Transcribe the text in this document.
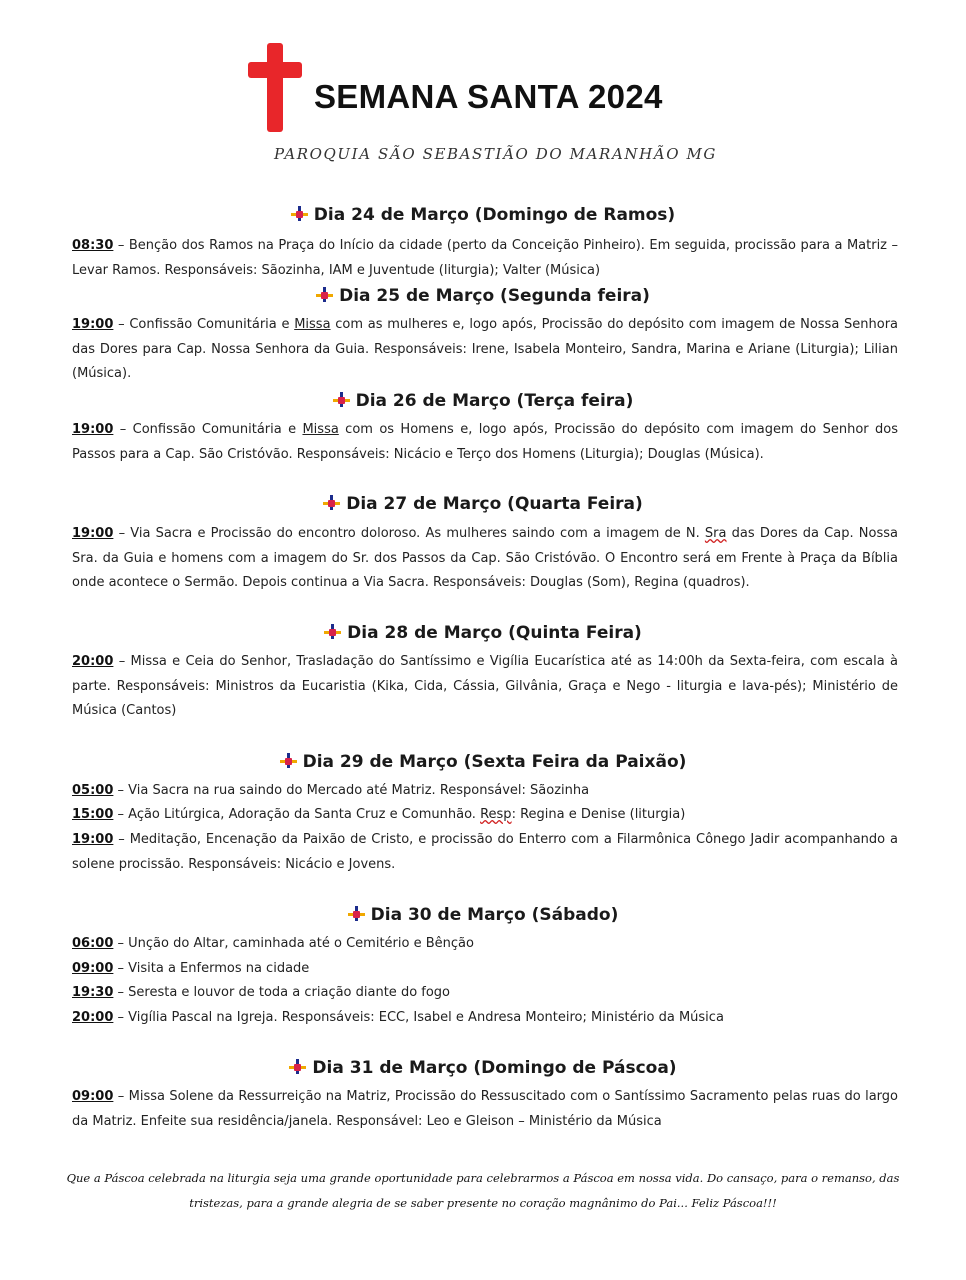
SEMANA SANTA 2024
PAROQUIA SÃO SEBASTIÃO DO MARANHÃO MG
Dia 24 de Março (Domingo de Ramos)
08:30 – Benção dos Ramos na Praça do Início da cidade (perto da Conceição Pinheiro). Em seguida, procissão para a Matriz – Levar Ramos. Responsáveis: Sãozinha, IAM e Juventude (liturgia); Valter (Música)
Dia 25 de Março (Segunda feira)
19:00 – Confissão Comunitária e Missa com as mulheres e, logo após, Procissão do depósito com imagem de Nossa Senhora das Dores para Cap. Nossa Senhora da Guia. Responsáveis: Irene, Isabela Monteiro, Sandra, Marina e Ariane (Liturgia); Lilian (Música).
Dia 26 de Março (Terça feira)
19:00 – Confissão Comunitária e Missa com os Homens e, logo após, Procissão do depósito com imagem do Senhor dos Passos para a Cap. São Cristóvão. Responsáveis: Nicácio e Terço dos Homens (Liturgia); Douglas (Música).
Dia 27 de Março (Quarta Feira)
19:00 – Via Sacra e Procissão do encontro doloroso. As mulheres saindo com a imagem de N. Sra das Dores da Cap. Nossa Sra. da Guia e homens com a imagem do Sr. dos Passos da Cap. São Cristóvão. O Encontro será em Frente à Praça da Bíblia onde acontece o Sermão. Depois continua a Via Sacra. Responsáveis: Douglas (Som), Regina (quadros).
Dia 28 de Março (Quinta Feira)
20:00 – Missa e Ceia do Senhor, Trasladação do Santíssimo e Vigília Eucarística até as 14:00h da Sexta-feira, com escala à parte. Responsáveis: Ministros da Eucaristia (Kika, Cida, Cássia, Gilvânia, Graça e Nego - liturgia e lava-pés); Ministério de Música (Cantos)
Dia 29 de Março (Sexta Feira da Paixão)
05:00 – Via Sacra na rua saindo do Mercado até Matriz. Responsável: Sãozinha
15:00 – Ação Litúrgica, Adoração da Santa Cruz e Comunhão. Resp: Regina e Denise (liturgia)
19:00 – Meditação, Encenação da Paixão de Cristo, e procissão do Enterro com a Filarmônica Cônego Jadir acompanhando a solene procissão. Responsáveis: Nicácio e Jovens.
Dia 30 de Março (Sábado)
06:00 – Unção do Altar, caminhada até o Cemitério e Bênção
09:00 – Visita a Enfermos na cidade
19:30 – Seresta e louvor de toda a criação diante do fogo
20:00 – Vigília Pascal na Igreja. Responsáveis: ECC, Isabel e Andresa Monteiro; Ministério da Música
Dia 31 de Março (Domingo de Páscoa)
09:00 – Missa Solene da Ressurreição na Matriz, Procissão do Ressuscitado com o Santíssimo Sacramento pelas ruas do largo da Matriz. Enfeite sua residência/janela. Responsável: Leo e Gleison – Ministério da Música
Que a Páscoa celebrada na liturgia seja uma grande oportunidade para celebrarmos a Páscoa em nossa vida. Do cansaço, para o remanso, das tristezas, para a grande alegria de se saber presente no coração magnânimo do Pai... Feliz Páscoa!!!
